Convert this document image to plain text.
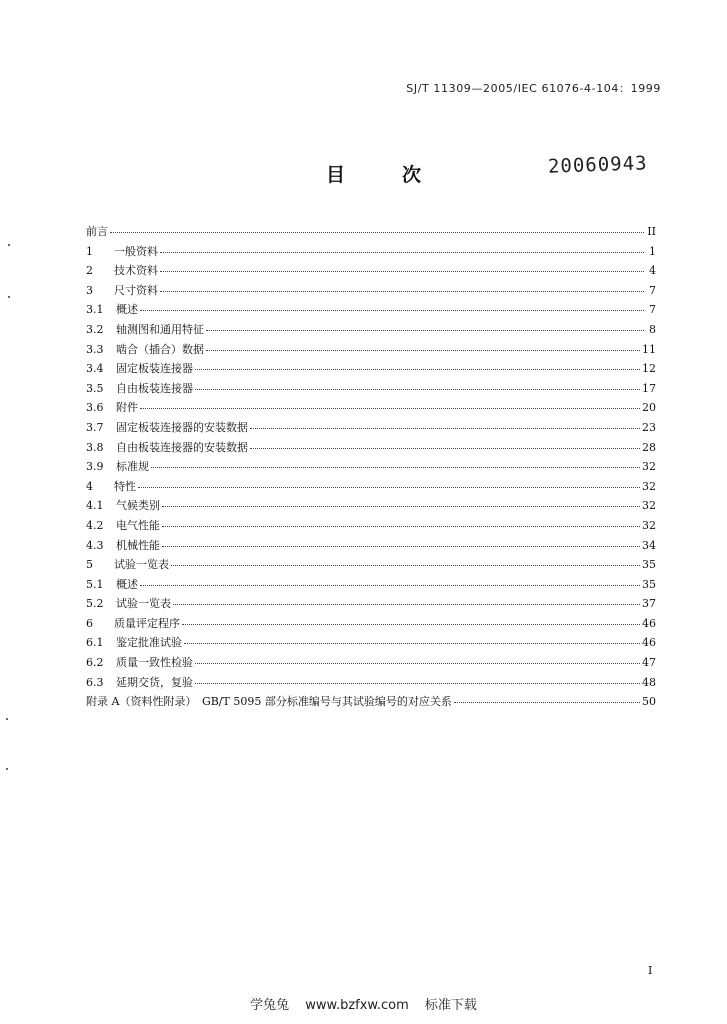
SJ/T 11309—2005/IEC 61076-4-104：1999
目	次	20060943
前言	II
1	一般资料	1
2	技术资料	4
3	尺寸资料	7
3.1	概述	7
3.2	轴测图和通用特征	8
3.3	啮合（插合）数据	11
3.4	固定板装连接器	12
3.5	自由板装连接器	17
3.6	附件	20
3.7	固定板装连接器的安装数据	23
3.8	自由板装连接器的安装数据	28
3.9	标准规	32
4	特性	32
4.1	气候类别	32
4.2	电气性能	32
4.3	机械性能	34
5	试验一览表	35
5.1	概述	35
5.2	试验一览表	37
6	质量评定程序	46
6.1	鉴定批准试验	46
6.2	质量一致性检验	47
6.3	延期交货，复验	48
附录 A（资料性附录）　GB/T 5095 部分标准编号与其试验编号的对应关系	50
I
学兔兔 www.bzfxw.com 标准下载
